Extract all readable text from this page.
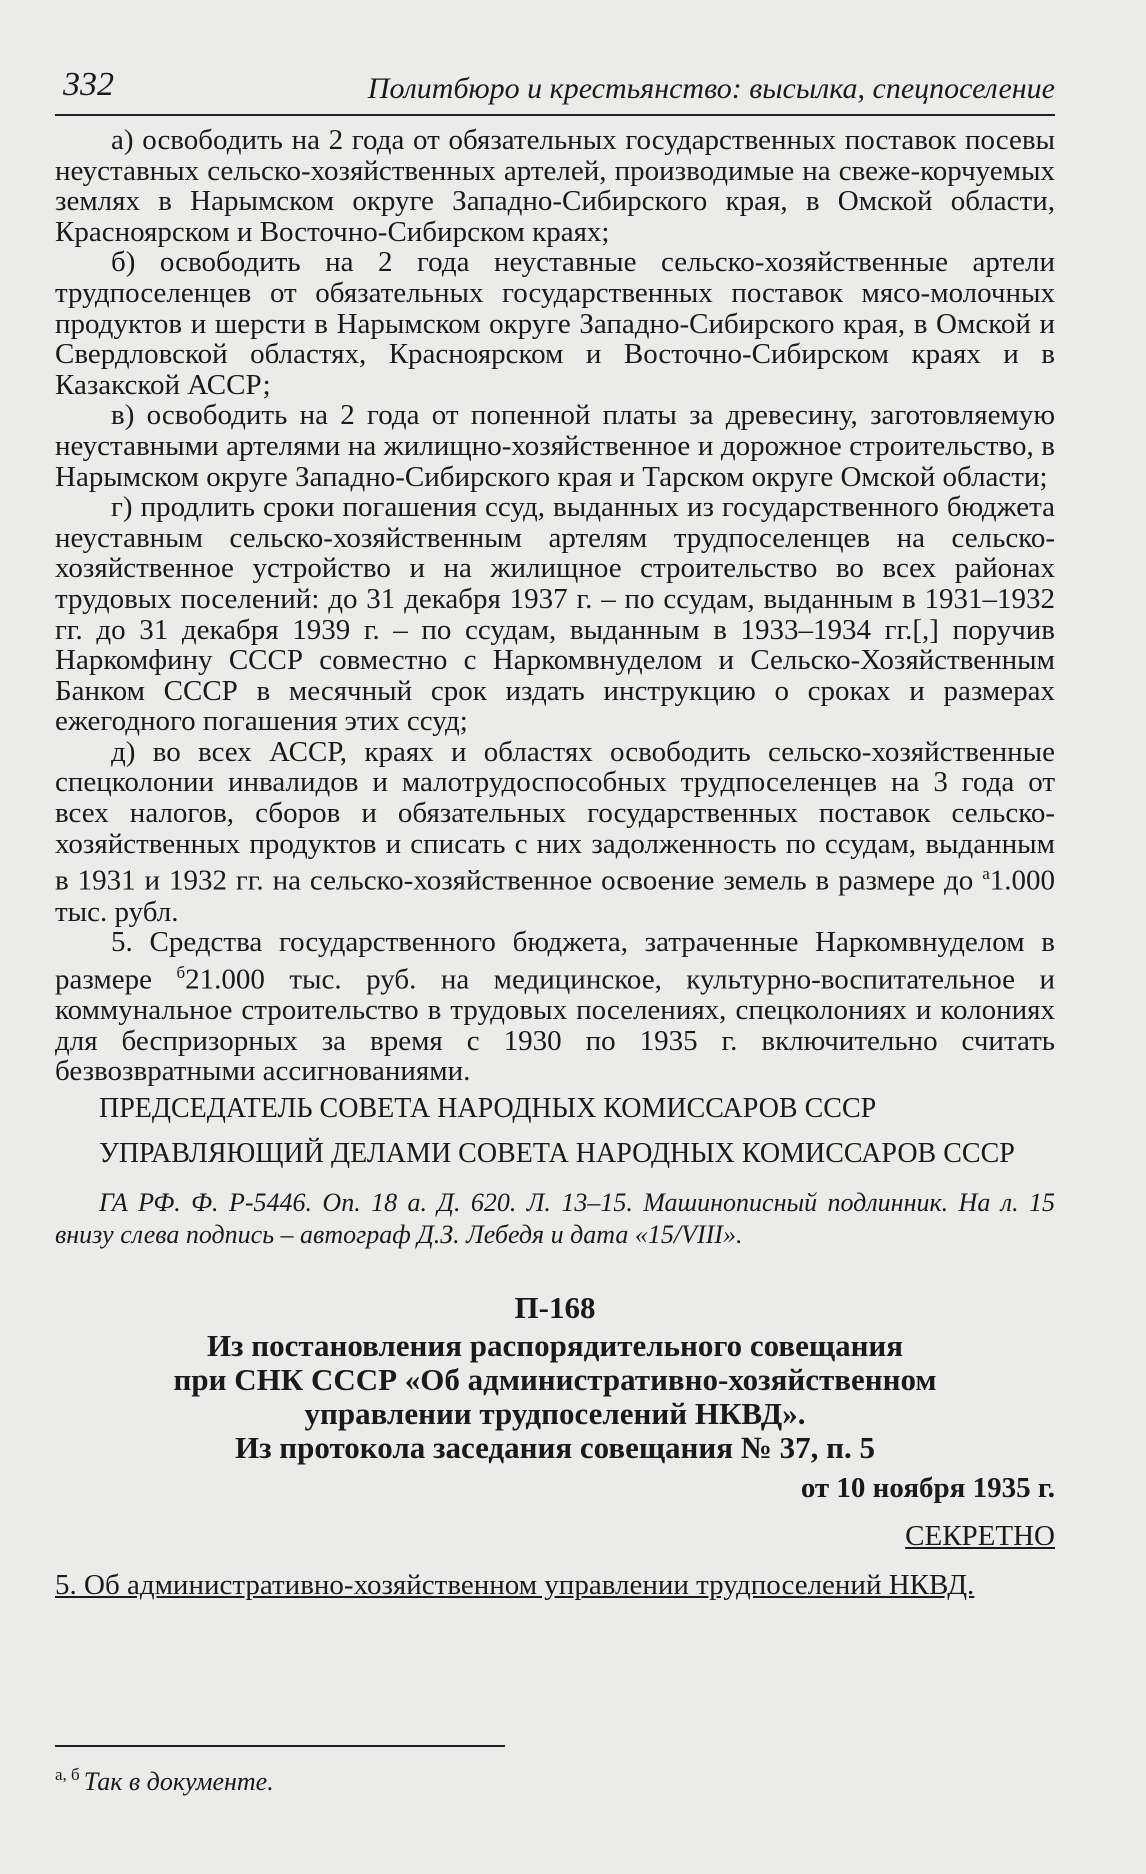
332	Политбюро и крестьянство: высылка, спецпоселение

а) освободить на 2 года от обязательных государственных поставок посевы неуставных сельско-хозяйственных артелей, производимые на свеже-корчуемых землях в Нарымском округе Западно-Сибирского края, в Омской области, Красноярском и Восточно-Сибирском краях;

б) освободить на 2 года неуставные сельско-хозяйственные артели трудпоселенцев от обязательных государственных поставок мясо-молочных продуктов и шерсти в Нарымском округе Западно-Сибирского края, в Омской и Свердловской областях, Красноярском и Восточно-Сибирском краях и в Казакской АССР;

в) освободить на 2 года от попенной платы за древесину, заготовляемую неуставными артелями на жилищно-хозяйственное и дорожное строительство, в Нарымском округе Западно-Сибирского края и Тарском округе Омской области;

г) продлить сроки погашения ссуд, выданных из государственного бюджета неуставным сельско-хозяйственным артелям трудпоселенцев на сельско-хозяйственное устройство и на жилищное строительство во всех районах трудовых поселений: до 31 декабря 1937 г. – по ссудам, выданным в 1931–1932 гг. до 31 декабря 1939 г. – по ссудам, выданным в 1933–1934 гг.[,] поручив Наркомфину СССР совместно с Наркомвнуделом и Сельско-Хозяйственным Банком СССР в месячный срок издать инструкцию о сроках и размерах ежегодного погашения этих ссуд;

д) во всех АССР, краях и областях освободить сельско-хозяйственные спецколонии инвалидов и малотрудоспособных трудпоселенцев на 3 года от всех налогов, сборов и обязательных государственных поставок сельско-хозяйственных продуктов и списать с них задолженность по ссудам, выданным в 1931 и 1932 гг. на сельско-хозяйственное освоение земель в размере до $^а$1.000 тыс. рубл.

5. Средства государственного бюджета, затраченные Наркомвнуделом в размере $^б$21.000 тыс. руб. на медицинское, культурно-воспитательное и коммунальное строительство в трудовых поселениях, спецколониях и колониях для беспризорных за время с 1930 по 1935 г. включительно считать безвозвратными ассигнованиями.

ПРЕДСЕДАТЕЛЬ СОВЕТА НАРОДНЫХ КОМИССАРОВ СССР

УПРАВЛЯЮЩИЙ ДЕЛАМИ СОВЕТА НАРОДНЫХ КОМИССАРОВ СССР

ГА РФ. Ф. Р-5446. Оп. 18 а. Д. 620. Л. 13–15. Машинописный подлинник. На л. 15 внизу слева подпись – автограф Д.З. Лебедя и дата «15/VIII».

П-168

Из постановления распорядительного совещания

при СНК СССР «Об административно-хозяйственном

управлении трудпоселений НКВД».

Из протокола заседания совещания № 37, п. 5

от 10 ноября 1935 г.

СЕКРЕТНО

5. Об административно-хозяйственном управлении трудпоселений НКВД.

$^{а, б}$ Так в документе.
